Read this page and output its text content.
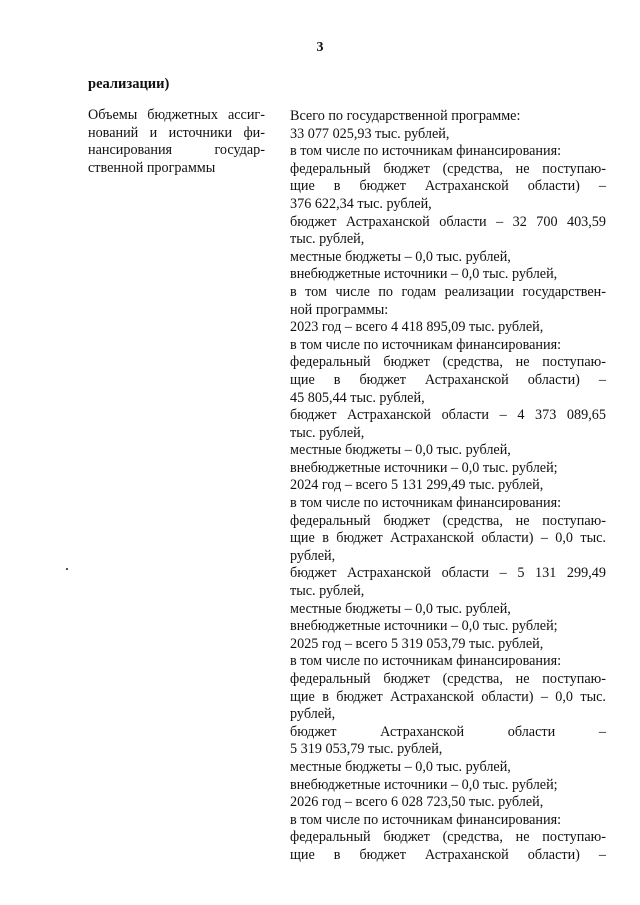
3
реализации)
Объемы бюджетных ассиг-
нований и источники фи-
нансирования	государ-
ственной программы
Всего по государственной программе:
33 077 025,93 тыс. рублей,
в том числе по источникам финансирования:
федеральный бюджет (средства, не поступаю-
щие в бюджет Астраханской области) –
376 622,34 тыс. рублей,
бюджет Астраханской области – 32 700 403,59
тыс. рублей,
местные бюджеты – 0,0 тыс. рублей,
внебюджетные источники – 0,0 тыс. рублей,
в том числе по годам реализации государствен-
ной программы:
2023 год – всего 4 418 895,09 тыс. рублей,
в том числе по источникам финансирования:
федеральный бюджет (средства, не поступаю-
щие в бюджет Астраханской области) –
45 805,44 тыс. рублей,
бюджет Астраханской области – 4 373 089,65
тыс. рублей,
местные бюджеты – 0,0 тыс. рублей,
внебюджетные источники – 0,0 тыс. рублей;
2024 год – всего 5 131 299,49 тыс. рублей,
в том числе по источникам финансирования:
федеральный бюджет (средства, не поступаю-
щие в бюджет Астраханской области) – 0,0 тыс.
рублей,
бюджет Астраханской области – 5 131 299,49
тыс. рублей,
местные бюджеты – 0,0 тыс. рублей,
внебюджетные источники – 0,0 тыс. рублей;
2025 год – всего 5 319 053,79 тыс. рублей,
в том числе по источникам финансирования:
федеральный бюджет (средства, не поступаю-
щие в бюджет Астраханской области) – 0,0 тыс.
рублей,
бюджет	Астраханской	области	–
5 319 053,79 тыс. рублей,
местные бюджеты – 0,0 тыс. рублей,
внебюджетные источники – 0,0 тыс. рублей;
2026 год – всего 6 028 723,50 тыс. рублей,
в том числе по источникам финансирования:
федеральный бюджет (средства, не поступаю-
щие в бюджет Астраханской области) –
